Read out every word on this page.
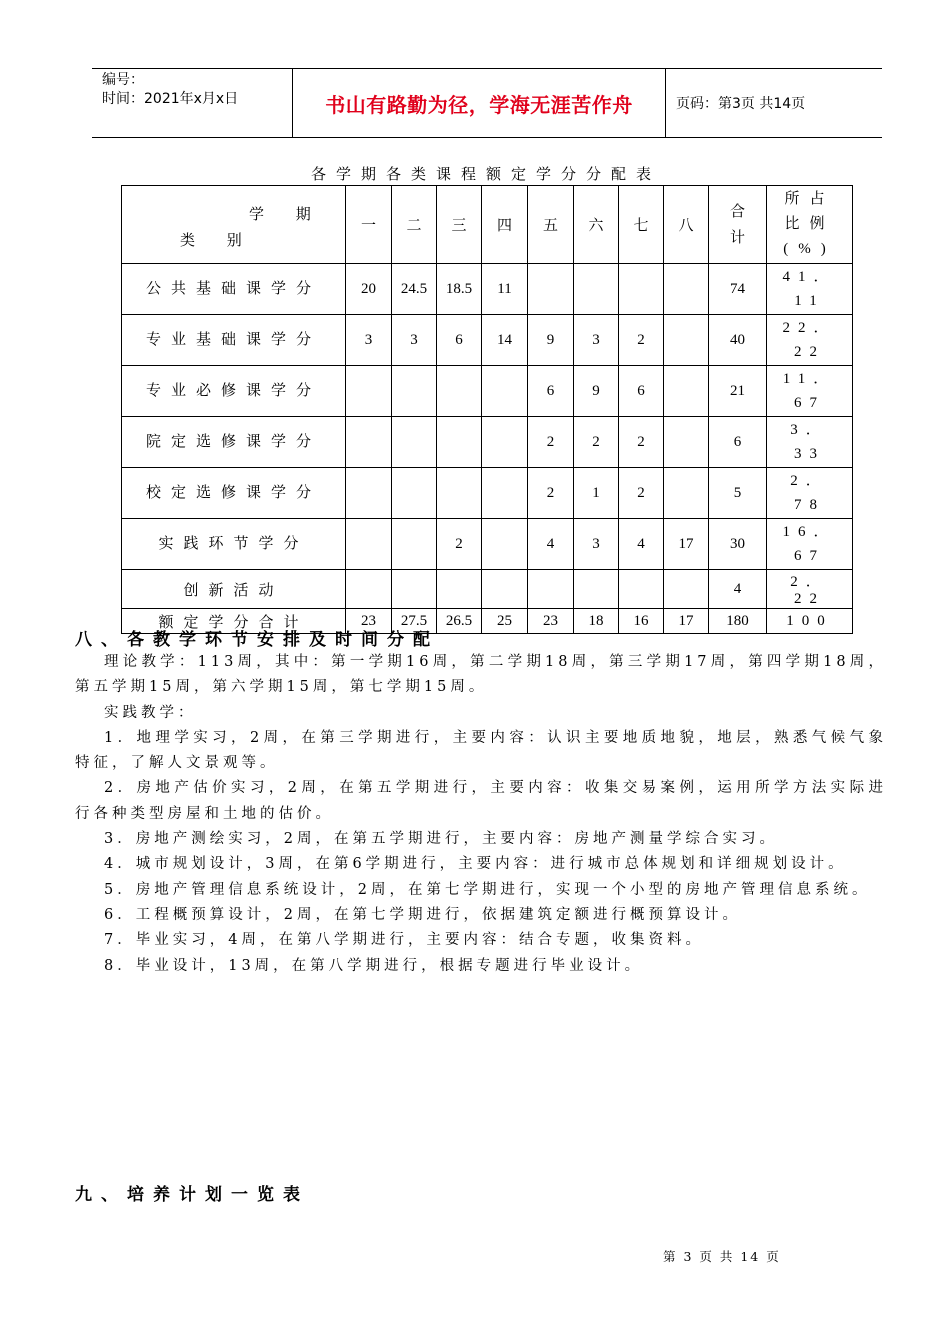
编号：
时间：2021年x月x日	书山有路勤为径，学海无涯苦作舟	页码：第3页 共14页
各学期各类课程额定学分分配表
学 期
类 别	一	二	三	四	五	六	七	八	合计	所占比例(%)

公共基础课学分	20	24.5	18.5	11					74	41．11
专业基础课学分	3	3	6	14	9	3	2		40	22．22
专业必修课学分					6	9	6		21	11．67
院定选修课学分					2	2	2		6	3．33
校定选修课学分					2	1	2		5	2．78
实践环节学分			2		4	3	4	17	30	16．67
创新活动									4	2．22
额定学分合计	23	27.5	26.5	25	23	18	16	17	180	100
八、各教学环节安排及时间分配

理论教学：113周，其中：第一学期16周，第二学期18周，第三学期17周，第四学期18周，第五学期15周，第六学期15周，第七学期15周。

实践教学：

1．地理学实习，2周，在第三学期进行，主要内容：认识主要地质地貌，地层，熟悉气候气象特征，了解人文景观等。

2．房地产估价实习，2周，在第五学期进行，主要内容：收集交易案例，运用所学方法实际进行各种类型房屋和土地的估价。

3．房地产测绘实习，2周，在第五学期进行，主要内容：房地产测量学综合实习。

4．城市规划设计，3周，在第6学期进行，主要内容：进行城市总体规划和详细规划设计。

5．房地产管理信息系统设计，2周，在第七学期进行，实现一个小型的房地产管理信息系统。

6．工程概预算设计，2周，在第七学期进行，依据建筑定额进行概预算设计。

7．毕业实习，4周，在第八学期进行，主要内容：结合专题，收集资料。

8．毕业设计，13周，在第八学期进行，根据专题进行毕业设计。

九、培养计划一览表
第 3 页 共 14 页
